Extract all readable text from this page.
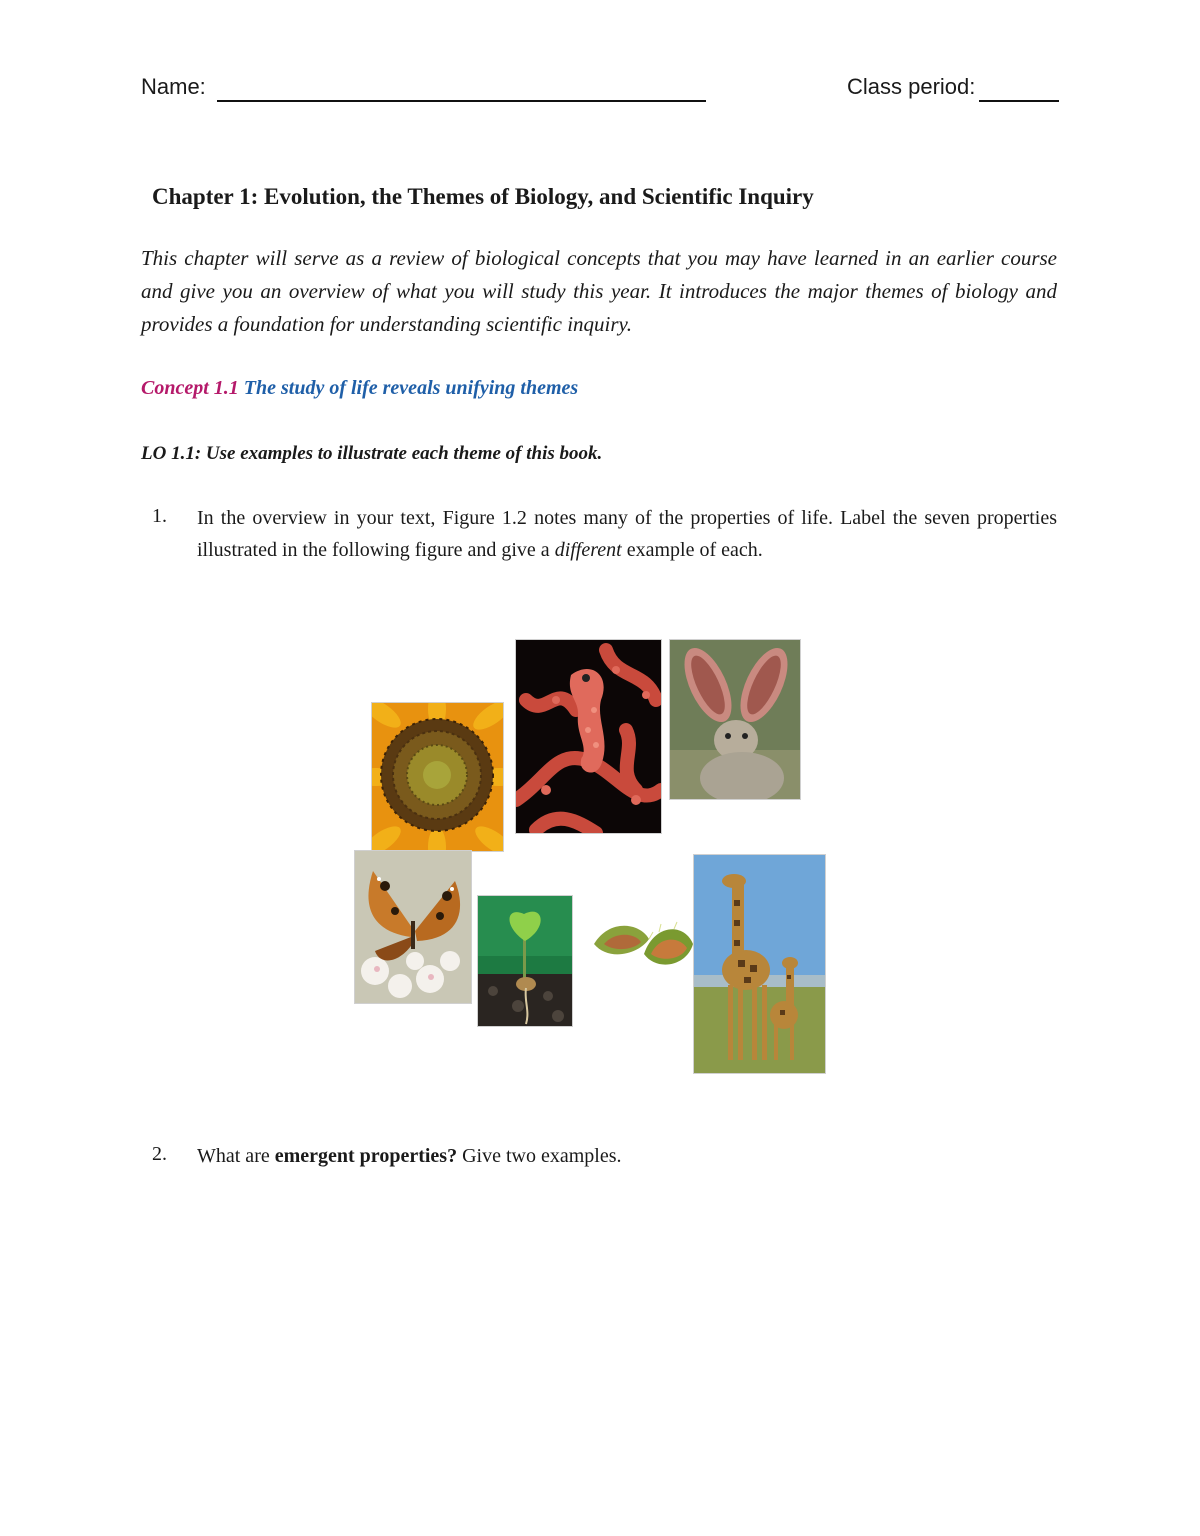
Name:	Class period:
Chapter 1: Evolution, the Themes of Biology, and Scientific Inquiry
This chapter will serve as a review of biological concepts that you may have learned in an earlier course and give you an overview of what you will study this year. It introduces the major themes of biology and provides a foundation for understanding scientific inquiry.
Concept 1.1 The study of life reveals unifying themes
LO 1.1: Use examples to illustrate each theme of this book.
1. In the overview in your text, Figure 1.2 notes many of the properties of life. Label the seven properties illustrated in the following figure and give a different example of each.
2. What are emergent properties? Give two examples.
